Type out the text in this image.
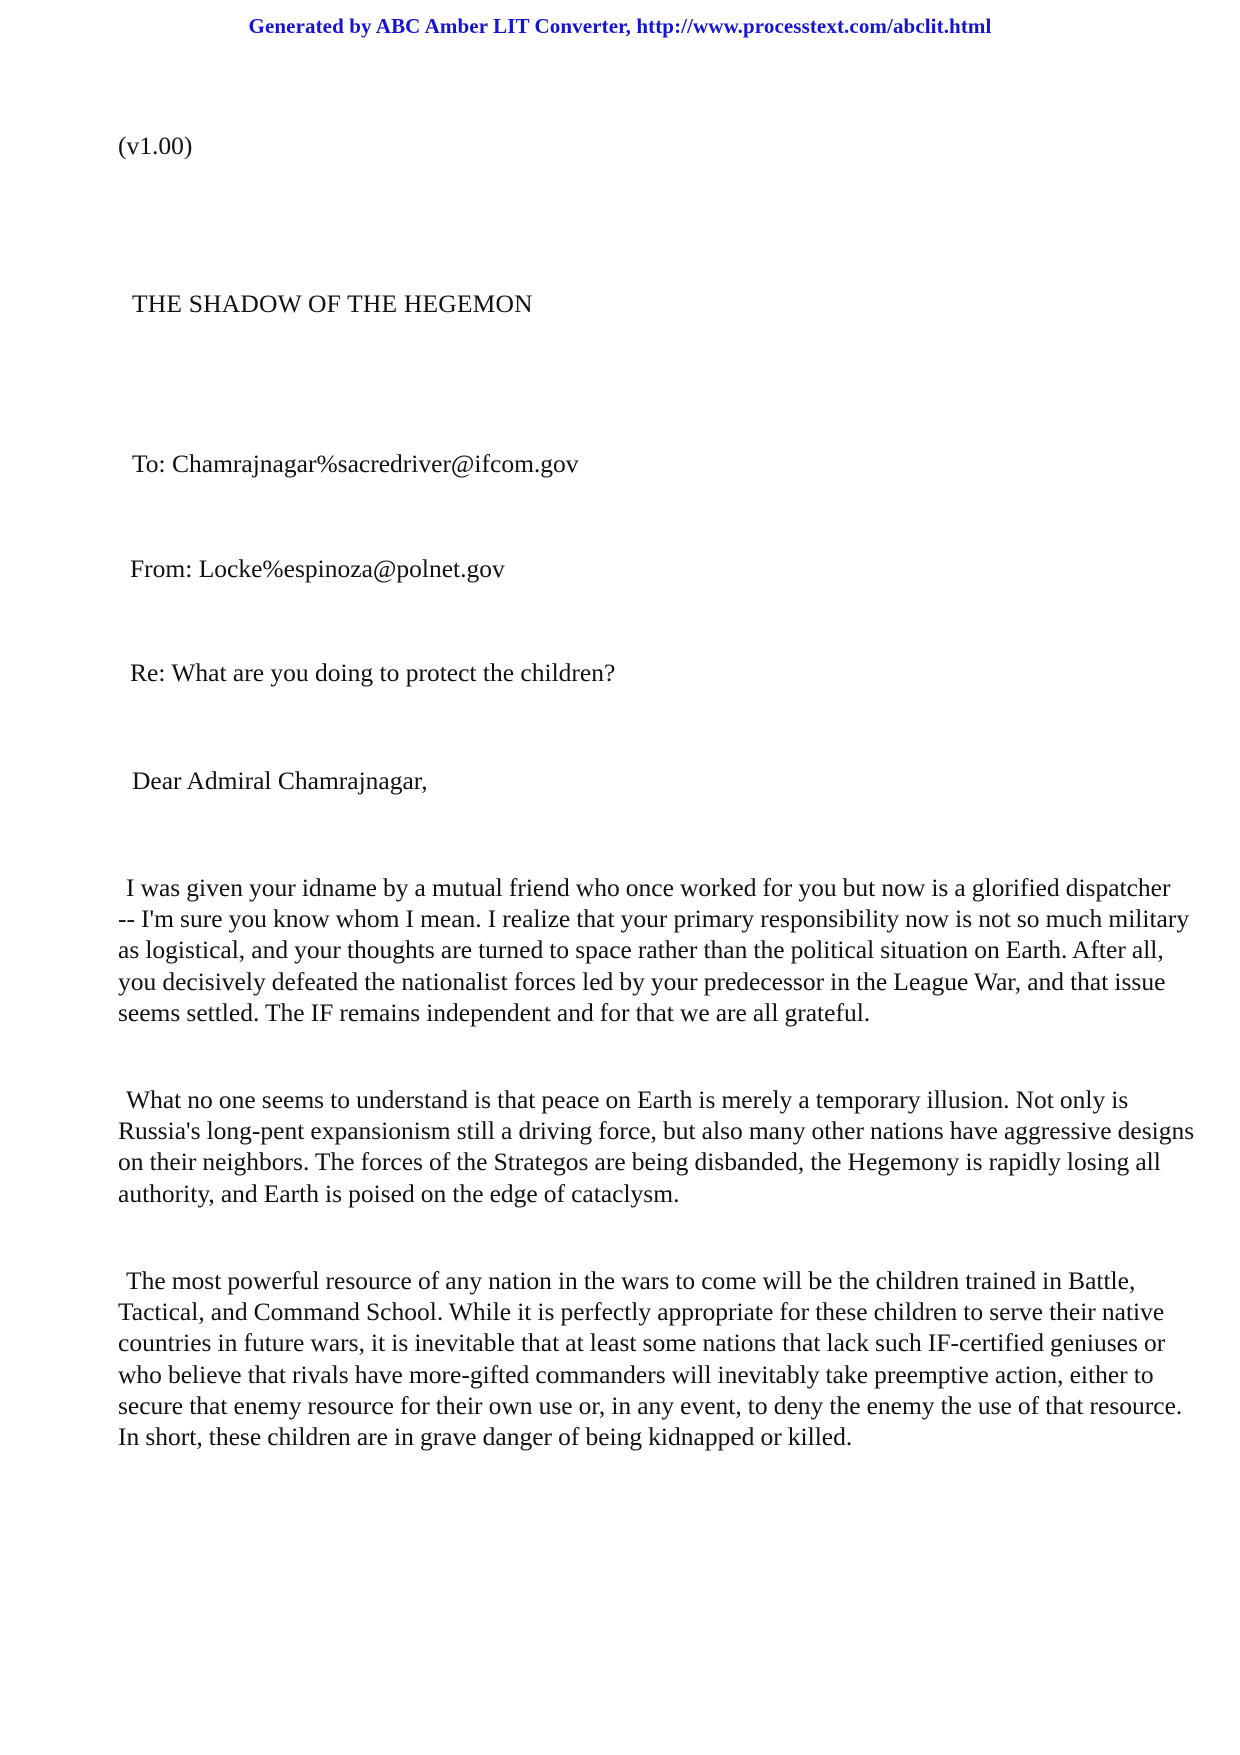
Generated by ABC Amber LIT Converter, http://www.processtext.com/abclit.html
(v1.00)
THE SHADOW OF THE HEGEMON
To: Chamrajnagar%sacredriver@ifcom.gov
From: Locke%espinoza@polnet.gov
Re: What are you doing to protect the children?
Dear Admiral Chamrajnagar,
I was given your idname by a mutual friend who once worked for you but now is a glorified dispatcher
-- I'm sure you know whom I mean. I realize that your primary responsibility now is not so much military
as logistical, and your thoughts are turned to space rather than the political situation on Earth. After all,
you decisively defeated the nationalist forces led by your predecessor in the League War, and that issue
seems settled. The IF remains independent and for that we are all grateful.
What no one seems to understand is that peace on Earth is merely a temporary illusion. Not only is
Russia's long-pent expansionism still a driving force, but also many other nations have aggressive designs
on their neighbors. The forces of the Strategos are being disbanded, the Hegemony is rapidly losing all
authority, and Earth is poised on the edge of cataclysm.
The most powerful resource of any nation in the wars to come will be the children trained in Battle,
Tactical, and Command School. While it is perfectly appropriate for these children to serve their native
countries in future wars, it is inevitable that at least some nations that lack such IF-certified geniuses or
who believe that rivals have more-gifted commanders will inevitably take preemptive action, either to
secure that enemy resource for their own use or, in any event, to deny the enemy the use of that resource.
In short, these children are in grave danger of being kidnapped or killed.
